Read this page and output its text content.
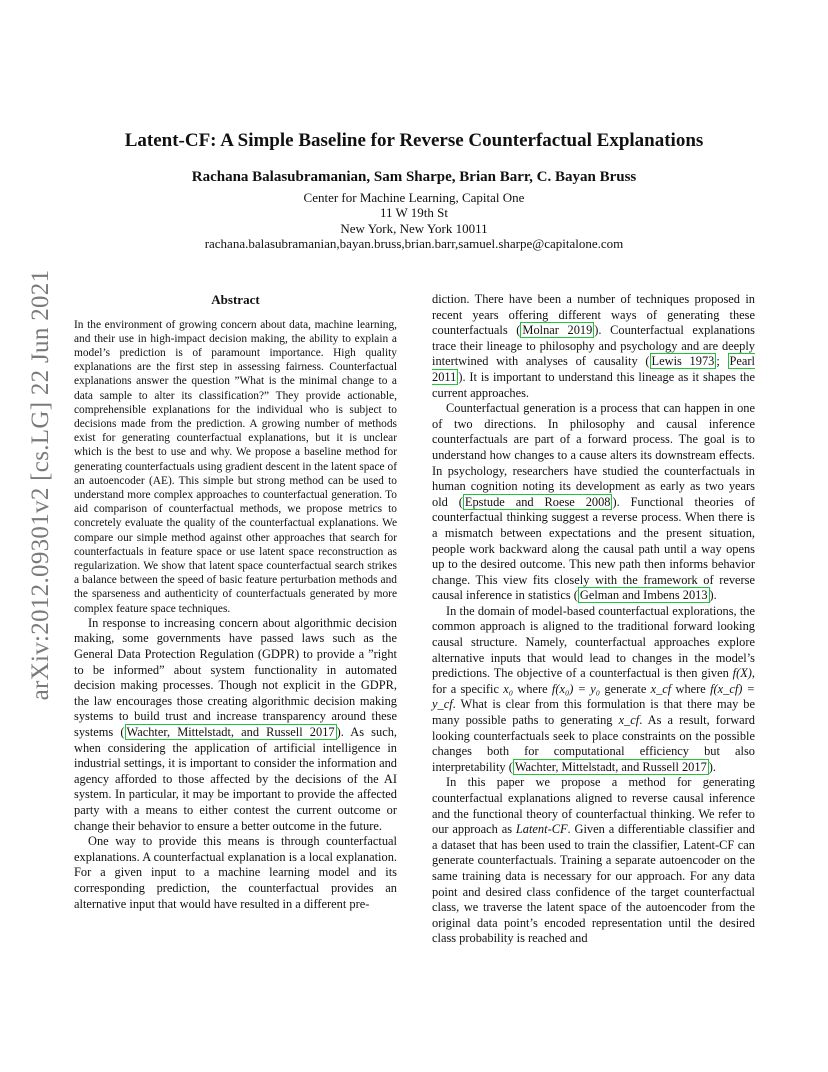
arXiv:2012.09301v2 [cs.LG] 22 Jun 2021
Latent-CF: A Simple Baseline for Reverse Counterfactual Explanations
Rachana Balasubramanian, Sam Sharpe, Brian Barr, C. Bayan Bruss
Center for Machine Learning, Capital One
11 W 19th St
New York, New York 10011
rachana.balasubramanian,bayan.bruss,brian.barr,samuel.sharpe@capitalone.com
Abstract

In the environment of growing concern about data, machine learning, and their use in high-impact decision making, the ability to explain a model’s prediction is of paramount importance. High quality explanations are the first step in assessing fairness. Counterfactual explanations answer the question ”What is the minimal change to a data sample to alter its classification?” They provide actionable, comprehensible explanations for the individual who is subject to decisions made from the prediction. A growing number of methods exist for generating counterfactual explanations, but it is unclear which is the best to use and why. We propose a baseline method for generating counterfactuals using gradient descent in the latent space of an autoencoder (AE). This simple but strong method can be used to understand more complex approaches to counterfactual generation. To aid comparison of counterfactual methods, we propose metrics to concretely evaluate the quality of the counterfactual explanations. We compare our simple method against other approaches that search for counterfactuals in feature space or use latent space reconstruction as regularization. We show that latent space counterfactual search strikes a balance between the speed of basic feature perturbation methods and the sparseness and authenticity of counterfactuals generated by more complex feature space techniques.

In response to increasing concern about algorithmic decision making, some governments have passed laws such as the General Data Protection Regulation (GDPR) to provide a ”right to be informed” about system functionality in automated decision making processes. Though not explicit in the GDPR, the law encourages those creating algorithmic decision making systems to build trust and increase transparency around these systems ( Wachter, Mittelstadt, and Russell 2017 ). As such, when considering the application of artificial intelligence in industrial settings, it is important to consider the information and agency afforded to those affected by the decisions of the AI system. In particular, it may be important to provide the affected party with a means to either contest the current outcome or change their behavior to ensure a better outcome in the future.

One way to provide this means is through counterfactual explanations. A counterfactual explanation is a local explanation. For a given input to a machine learning model and its corresponding prediction, the counterfactual provides an alternative input that would have resulted in a different pre-

diction. There have been a number of techniques proposed in recent years offering different ways of generating these counterfactuals ( Molnar 2019 ). Counterfactual explanations trace their lineage to philosophy and psychology and are deeply intertwined with analyses of causality ( Lewis 1973 ; Pearl 2011 ). It is important to understand this lineage as it shapes the current approaches.

Counterfactual generation is a process that can happen in one of two directions. In philosophy and causal inference counterfactuals are part of a forward process. The goal is to understand how changes to a cause alters its downstream effects. In psychology, researchers have studied the counterfactuals in human cognition noting its development as early as two years old ( Epstude and Roese 2008 ). Functional theories of counterfactual thinking suggest a reverse process. When there is a mismatch between expectations and the present situation, people work backward along the causal path until a way opens up to the desired outcome. This new path then informs behavior change. This view fits closely with the framework of reverse causal inference in statistics ( Gelman and Imbens 2013 ).

In the domain of model-based counterfactual explorations, the common approach is aligned to the traditional forward looking causal structure. Namely, counterfactual approaches explore alternative inputs that would lead to changes in the model’s predictions. The objective of a counterfactual is then given f(X), for a specific x₀ where f(x₀) = y₀ generate x_cf where f(x_cf) = y_cf. What is clear from this formulation is that there may be many possible paths to generating x_cf. As a result, forward looking counterfactuals seek to place constraints on the possible changes both for computational efficiency but also interpretability ( Wachter, Mittelstadt, and Russell 2017 ).

In this paper we propose a method for generating counterfactual explanations aligned to reverse causal inference and the functional theory of counterfactual thinking. We refer to our approach as Latent-CF. Given a differentiable classifier and a dataset that has been used to train the classifier, Latent-CF can generate counterfactuals. Training a separate autoencoder on the same training data is necessary for our approach. For any data point and desired class confidence of the target counterfactual class, we traverse the latent space of the autoencoder from the original data point’s encoded representation until the desired class probability is reached and
